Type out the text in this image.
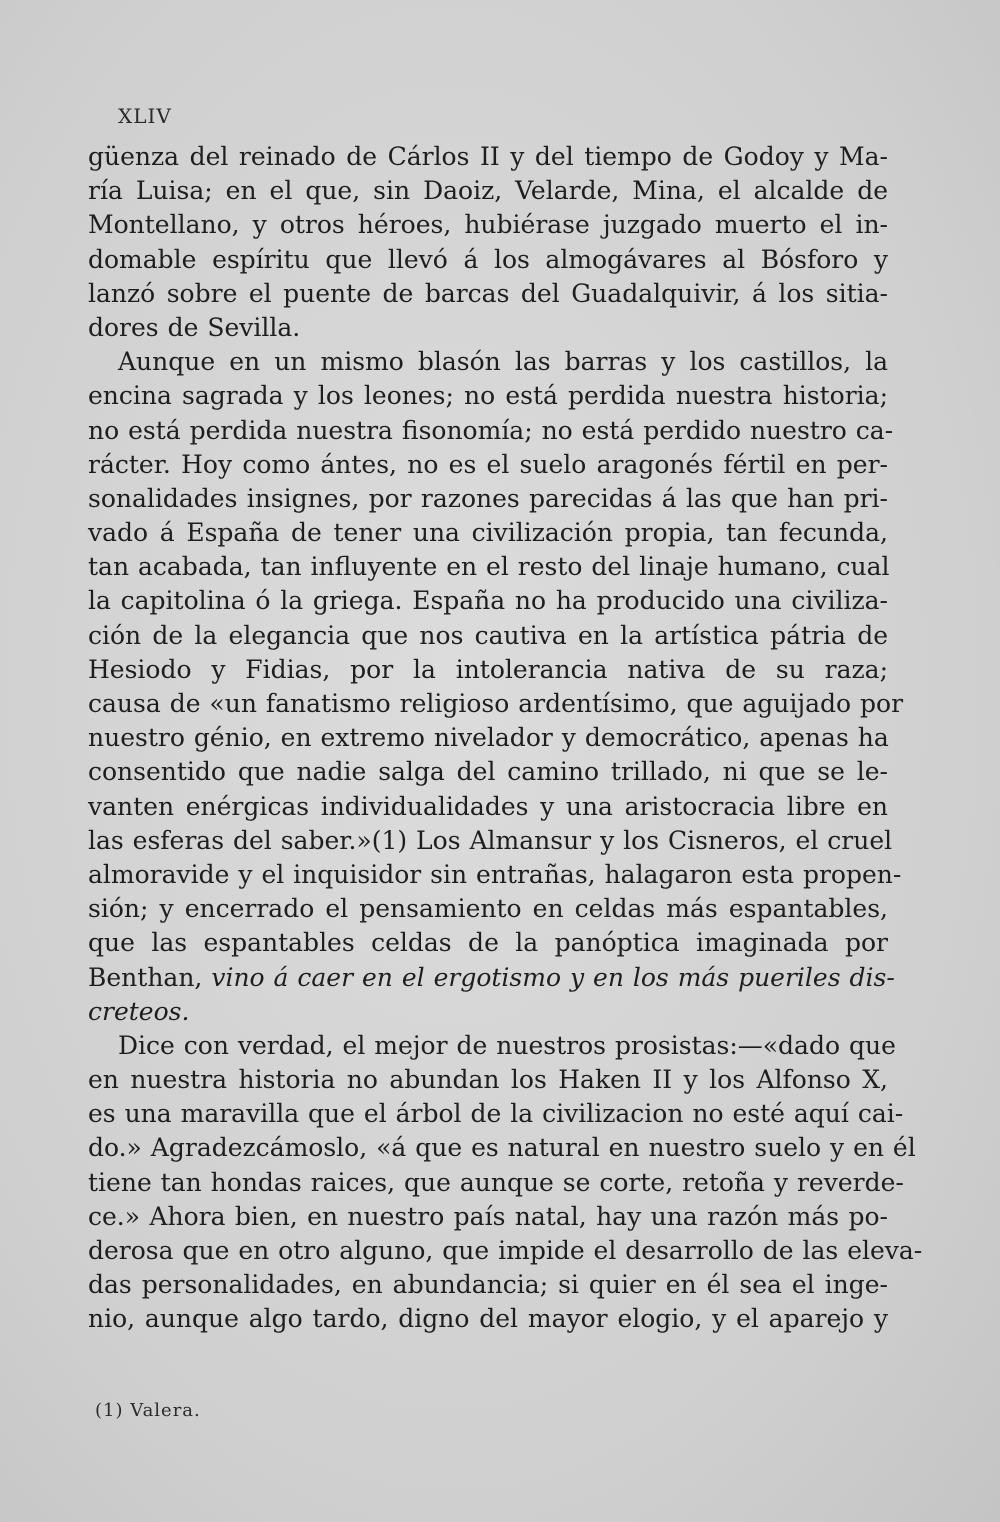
XLIV
güenza del reinado de Cárlos II y del tiempo de Godoy y Ma-
ría Luisa; en el que, sin Daoiz, Velarde, Mina, el alcalde de
Montellano, y otros héroes, hubiérase juzgado muerto el in-
domable espíritu que llevó á los almogávares al Bósforo y
lanzó sobre el puente de barcas del Guadalquivir, á los sitia-
dores de Sevilla.
Aunque en un mismo blasón las barras y los castillos, la
encina sagrada y los leones; no está perdida nuestra historia;
no está perdida nuestra fisonomía; no está perdido nuestro ca-
rácter. Hoy como ántes, no es el suelo aragonés fértil en per-
sonalidades insignes, por razones parecidas á las que han pri-
vado á España de tener una civilización propia, tan fecunda,
tan acabada, tan influyente en el resto del linaje humano, cual
la capitolina ó la griega. España no ha producido una civiliza-
ción de la elegancia que nos cautiva en la artística pátria de
Hesiodo y Fidias, por la intolerancia nativa de su raza;
causa de «un fanatismo religioso ardentísimo, que aguijado por
nuestro génio, en extremo nivelador y democrático, apenas ha
consentido que nadie salga del camino trillado, ni que se le-
vanten enérgicas individualidades y una aristocracia libre en
las esferas del saber.»(1) Los Almansur y los Cisneros, el cruel
almoravide y el inquisidor sin entrañas, halagaron esta propen-
sión; y encerrado el pensamiento en celdas más espantables,
que las espantables celdas de la panóptica imaginada por
Benthan, vino á caer en el ergotismo y en los más pueriles dis-
creteos.
Dice con verdad, el mejor de nuestros prosistas:—«dado que
en nuestra historia no abundan los Haken II y los Alfonso X,
es una maravilla que el árbol de la civilizacion no esté aquí cai-
do.» Agradezcámoslo, «á que es natural en nuestro suelo y en él
tiene tan hondas raices, que aunque se corte, retoña y reverde-
ce.» Ahora bien, en nuestro país natal, hay una razón más po-
derosa que en otro alguno, que impide el desarrollo de las eleva-
das personalidades, en abundancia; si quier en él sea el inge-
nio, aunque algo tardo, digno del mayor elogio, y el aparejo y
(1) Valera.
